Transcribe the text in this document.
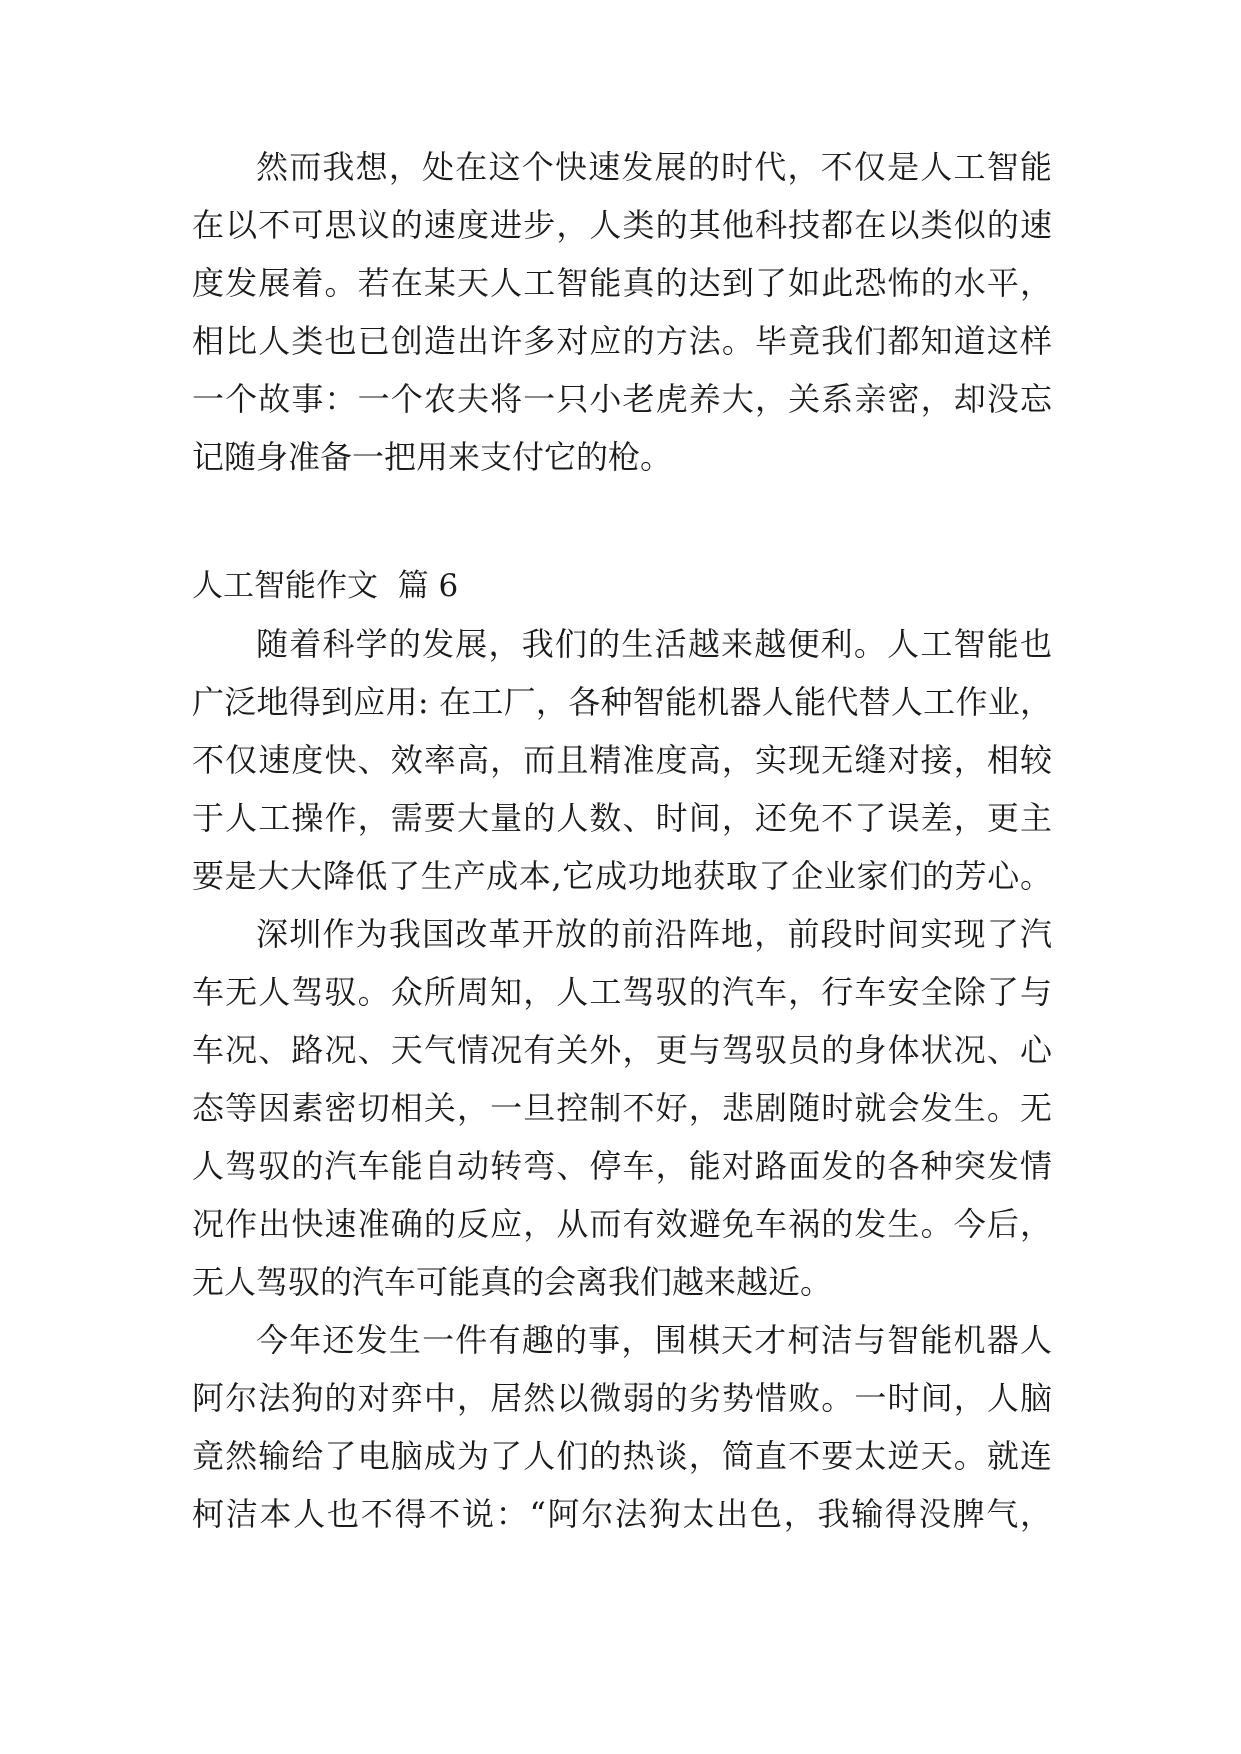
然而我想，处在这个快速发展的时代，不仅是人工智能
在以不可思议的速度进步，人类的其他科技都在以类似的速
度发展着。若在某天人工智能真的达到了如此恐怖的水平，
相比人类也已创造出许多对应的方法。毕竟我们都知道这样
一个故事：一个农夫将一只小老虎养大，关系亲密，却没忘
记随身准备一把用来支付它的枪。
人工智能作文  篇 6
随着科学的发展，我们的生活越来越便利。人工智能也
广泛地得到应用: 在工厂，各种智能机器人能代替人工作业，
不仅速度快、效率高，而且精准度高，实现无缝对接，相较
于人工操作，需要大量的人数、时间，还免不了误差，更主
要是大大降低了生产成本,它成功地获取了企业家们的芳心。
深圳作为我国改革开放的前沿阵地，前段时间实现了汽
车无人驾驭。众所周知，人工驾驭的汽车，行车安全除了与
车况、路况、天气情况有关外，更与驾驭员的身体状况、心
态等因素密切相关，一旦控制不好，悲剧随时就会发生。无
人驾驭的汽车能自动转弯、停车，能对路面发的各种突发情
况作出快速准确的反应，从而有效避免车祸的发生。今后，
无人驾驭的汽车可能真的会离我们越来越近。
今年还发生一件有趣的事，围棋天才柯洁与智能机器人
阿尔法狗的对弈中，居然以微弱的劣势惜败。一时间，人脑
竟然输给了电脑成为了人们的热谈，简直不要太逆天。就连
柯洁本人也不得不说：“阿尔法狗太出色，我输得没脾气，
